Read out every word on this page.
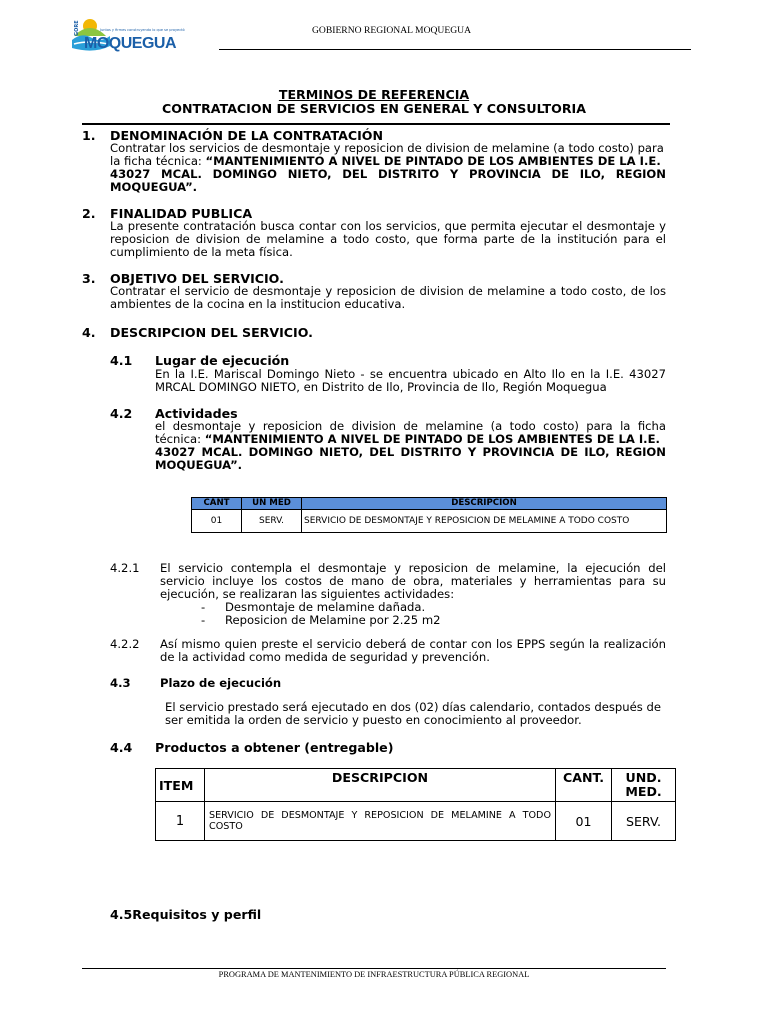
GORE
MOQUEGUA
Juntos y firmes construyendo lo que se proyectó	GOBIERNO REGIONAL MOQUEGUA
TERMINOS DE REFERENCIA
CONTRATACION DE SERVICIOS EN GENERAL Y CONSULTORIA
1. DENOMINACIÓN DE LA CONTRATACIÓN
Contratar los servicios de desmontaje y reposicion de division de melamine (a todo costo) para
la ficha técnica: “MANTENIMIENTO A NIVEL DE PINTADO DE LOS AMBIENTES DE LA I.E.
43027 MCAL. DOMINGO NIETO, DEL DISTRITO Y PROVINCIA DE ILO, REGION
MOQUEGUA”.
2. FINALIDAD PUBLICA
La presente contratación busca contar con los servicios, que permita ejecutar el desmontaje y
reposicion de division de melamine a todo costo, que forma parte de la institución para el
cumplimiento de la meta física.
3. OBJETIVO DEL SERVICIO.
Contratar el servicio de desmontaje y reposicion de division de melamine a todo costo, de los
ambientes de la cocina en la institucion educativa.
4. DESCRIPCION DEL SERVICIO.
4.1 Lugar de ejecución
En la I.E. Mariscal Domingo Nieto - se encuentra ubicado en Alto Ilo en la I.E. 43027
MRCAL DOMINGO NIETO, en Distrito de Ilo, Provincia de Ilo, Región Moquegua
4.2 Actividades
el desmontaje y reposicion de division de melamine (a todo costo) para la ficha
técnica: “MANTENIMIENTO A NIVEL DE PINTADO DE LOS AMBIENTES DE LA I.E.
43027 MCAL. DOMINGO NIETO, DEL DISTRITO Y PROVINCIA DE ILO, REGION
MOQUEGUA”.
CANT	UN MED	DESCRIPCION
01	SERV.	SERVICIO DE DESMONTAJE Y REPOSICION DE MELAMINE A TODO COSTO
4.2.1 El servicio contempla el desmontaje y reposicion de melamine, la ejecución del
servicio incluye los costos de mano de obra, materiales y herramientas para su
ejecución, se realizaran las siguientes actividades:
- Desmontaje de melamine dañada.
- Reposicion de Melamine por 2.25 m2
4.2.2 Así mismo quien preste el servicio deberá de contar con los EPPS según la realización
de la actividad como medida de seguridad y prevención.
4.3	Plazo de ejecución
El servicio prestado será ejecutado en dos (02) días calendario, contados después de
ser emitida la orden de servicio y puesto en conocimiento al proveedor.
4.4 Productos a obtener (entregable)
ITEM	DESCRIPCION	CANT.	UND.
MED.

1	SERVICIO DE DESMONTAJE Y REPOSICION DE MELAMINE A TODO COSTO	01	SERV.
4.5Requisitos y perfil
PROGRAMA DE MANTENIMIENTO DE INFRAESTRUCTURA PÚBLICA REGIONAL
